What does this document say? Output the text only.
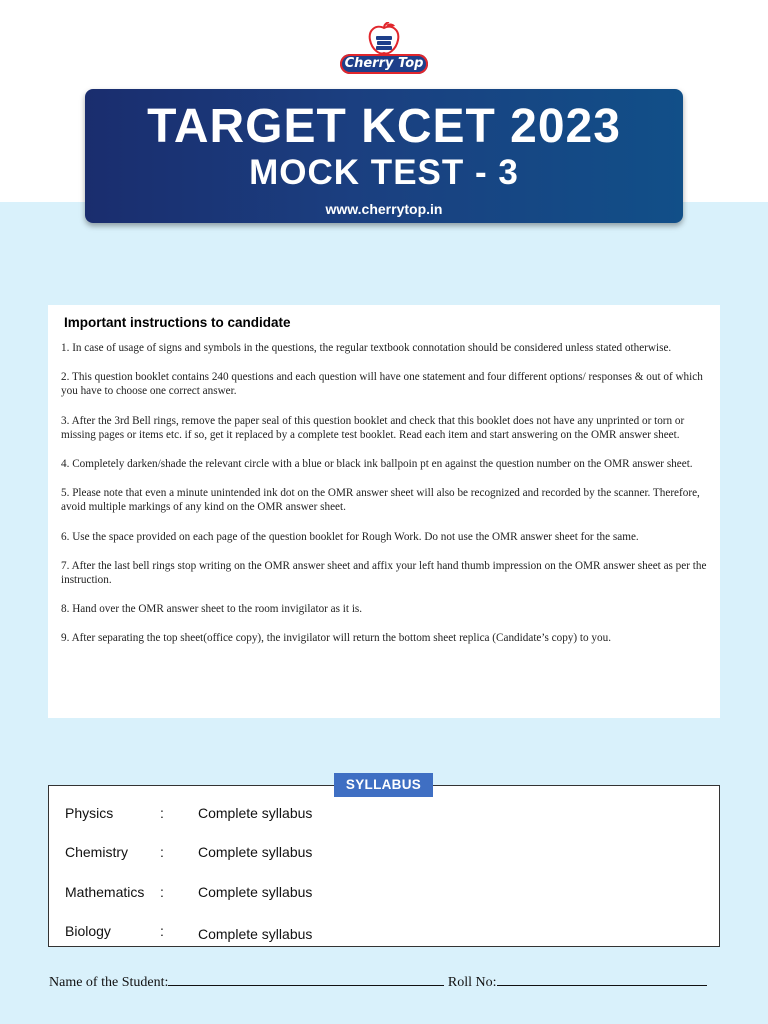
Cherry Top
TARGET KCET 2023
MOCK TEST - 3
www.cherrytop.in
Important instructions to candidate

1. In case of usage of signs and symbols in the questions, the regular textbook connotation should be considered unless stated otherwise.

2. This question booklet contains 240 questions and each question will have one statement and four different options/ responses & out of which you have to choose one correct answer.

3. After the 3rd Bell rings, remove the paper seal of this question booklet and check that this booklet does not have any unprinted or torn or missing pages or items etc. if so, get it replaced by a complete test booklet. Read each item and start answering on the OMR answer sheet.

4. Completely darken/shade the relevant circle with a blue or black ink ballpoin pt en against the question number on the OMR answer sheet.

5. Please note that even a minute unintended ink dot on the OMR answer sheet will also be recognized and recorded by the scanner. Therefore, avoid multiple markings of any kind on the OMR answer sheet.

6. Use the space provided on each page of the question booklet for Rough Work. Do not use the OMR answer sheet for the same.

7. After the last bell rings stop writing on the OMR answer sheet and affix your left hand thumb impression on the OMR answer sheet as per the instruction.

8. Hand over the OMR answer sheet to the room invigilator as it is.

9. After separating the top sheet(office copy), the invigilator will return the bottom sheet replica (Candidate’s copy) to you.

Physics	: Complete syllabus
Chemistry : Complete syllabus
Mathematics : Complete syllabus
Biology	: Complete syllabus
SYLLABUS
Name of the Student:	Roll No:
